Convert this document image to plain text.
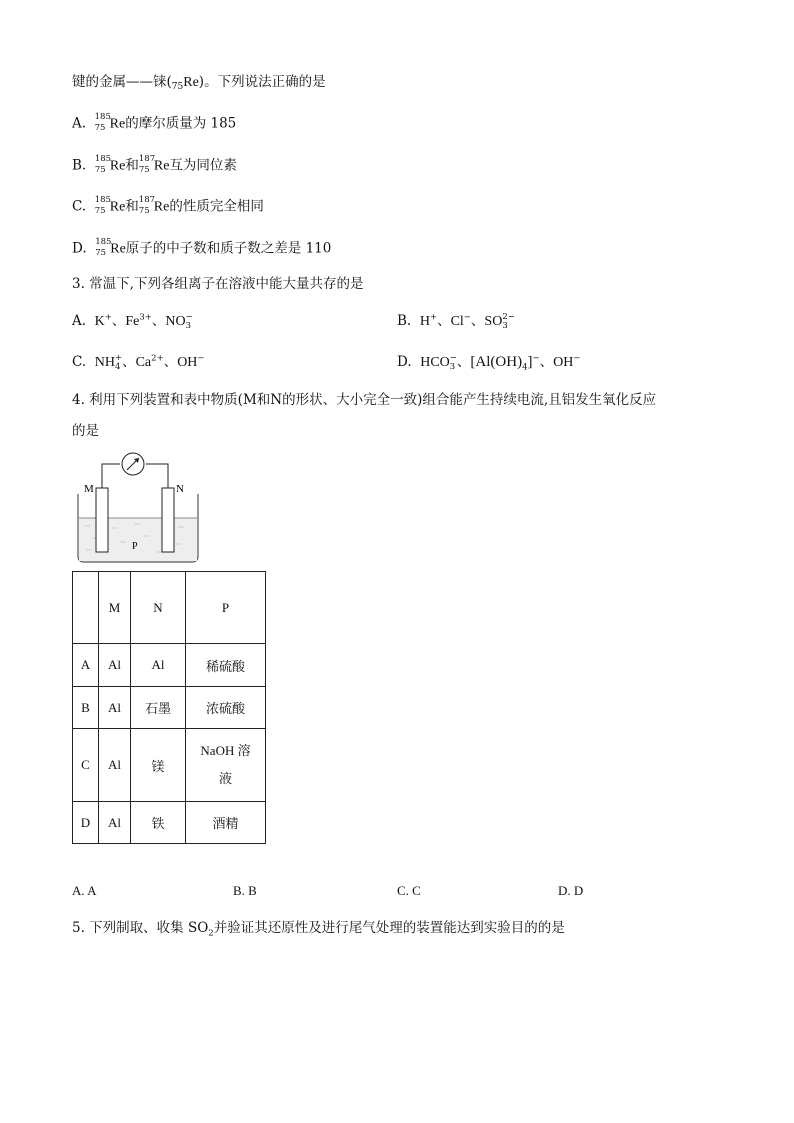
键的金属——铼$(_{75}Re)$。下列说法正确的是
A. 185
75 Re的摩尔质量为 185
B. 185
75 Re和 187
75 Re互为同位素
C. 185
75 Re和 187
75 Re的性质完全相同
D. 185
75 Re原子的中子数和质子数之差是 110
3. 常温下,下列各组离子在溶液中能大量共存的是
A. K+、$Fe^{3+}$、NO−
3	B. H+、Cl−、SO2−
3
C. NH+
4 、$Ca^{2+}$、OH−	D. HCO−
3 、$[Al(OH)_4]^-$、OH−
4. 利用下列装置和表中物质(M和N的形状、大小完全一致)组合能产生持续电流,且铝发生氧化反应
的是
M	N
P
	M	N	P
A	Al	Al	稀硫酸
B	Al	石墨	浓硫酸
C	Al	镁	NaOH 溶
液
D	Al	铁	酒精
A. A	B. B	C. C	D. D
5. 下列制取、收集 $SO_2$并验证其还原性及进行尾气处理的装置能达到实验目的的是
